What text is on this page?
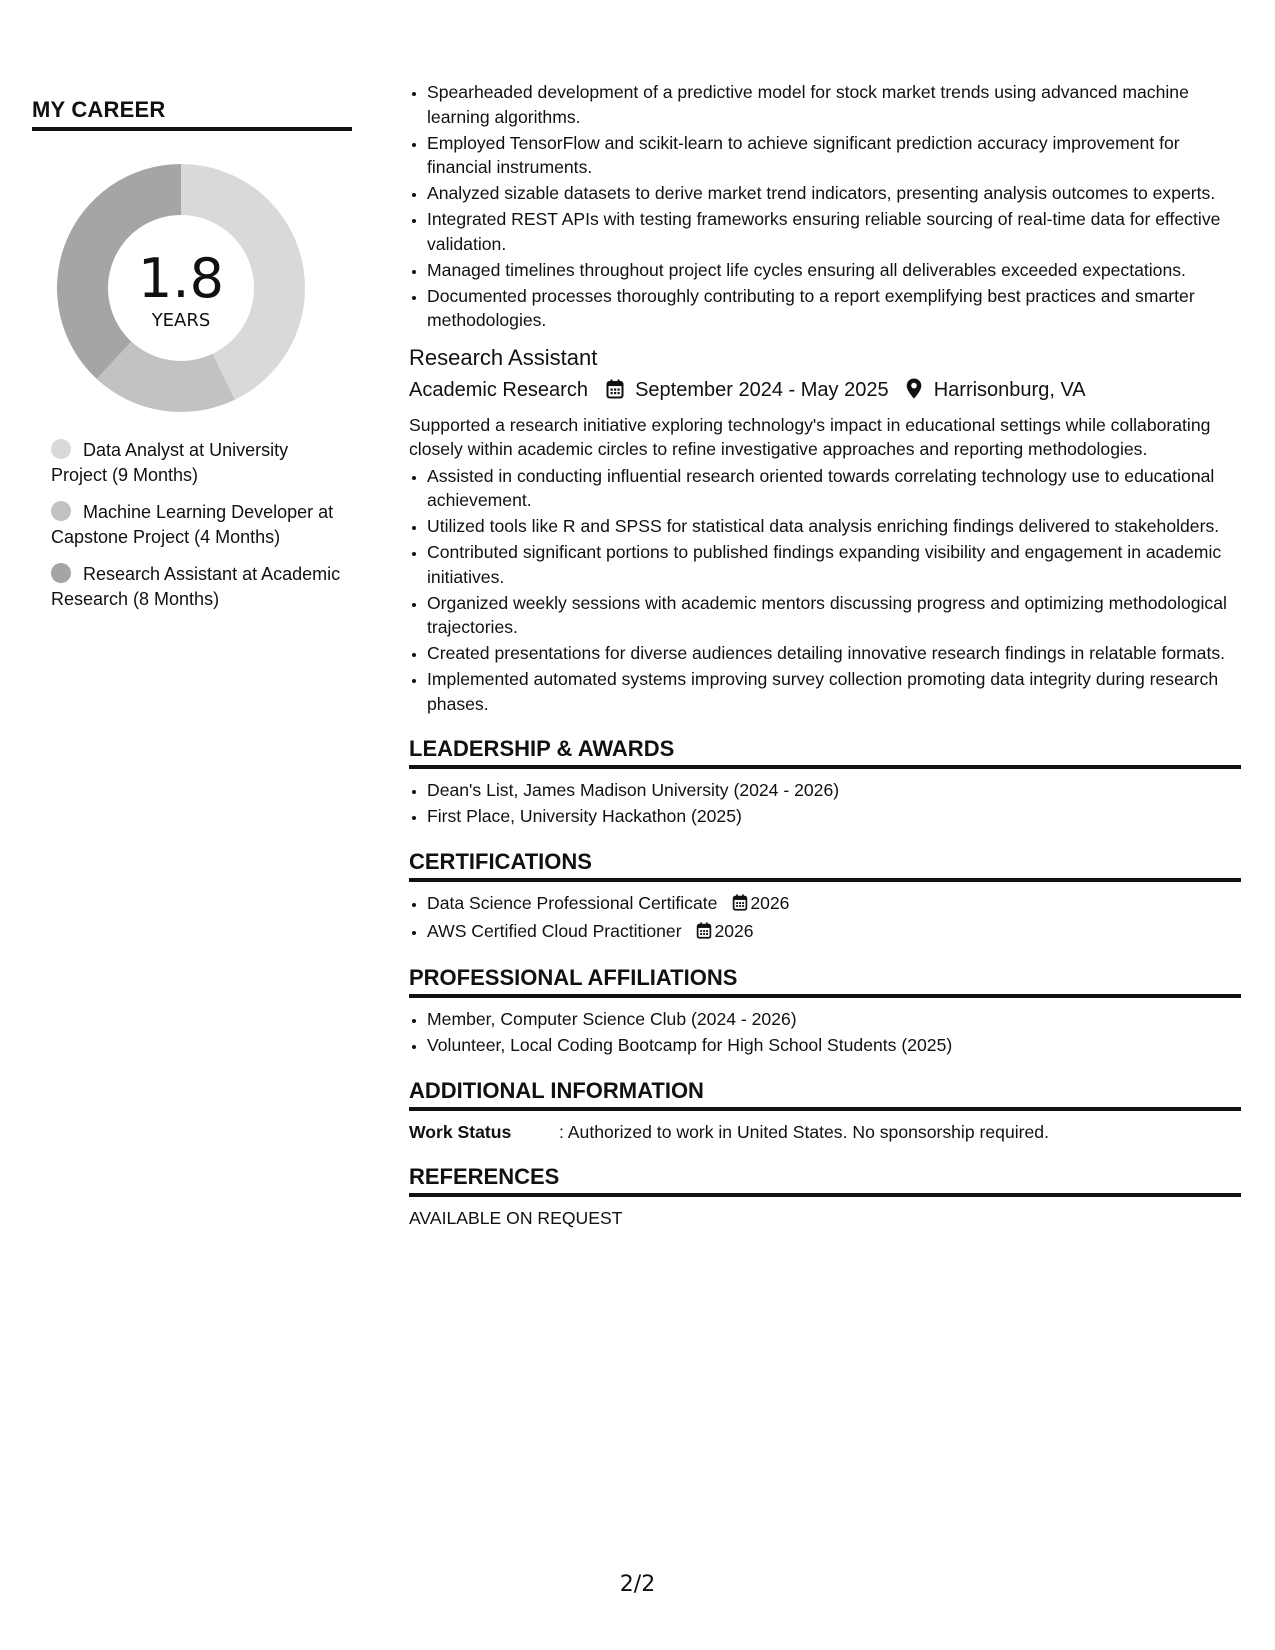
MY CAREER
1.8
YEARS
Data Analyst at University Project (9 Months)
Machine Learning Developer at Capstone Project (4 Months)
Research Assistant at Academic Research (8 Months)
• Spearheaded development of a predictive model for stock market trends using advanced machine learning algorithms.
• Employed TensorFlow and scikit-learn to achieve significant prediction accuracy improvement for financial instruments.
• Analyzed sizable datasets to derive market trend indicators, presenting analysis outcomes to experts.
• Integrated REST APIs with testing frameworks ensuring reliable sourcing of real-time data for effective validation.
• Managed timelines throughout project life cycles ensuring all deliverables exceeded expectations.
• Documented processes thoroughly contributing to a report exemplifying best practices and smarter methodologies.
Research Assistant
Academic Research September 2024 - May 2025 Harrisonburg, VA
Supported a research initiative exploring technology's impact in educational settings while collaborating closely within academic circles to refine investigative approaches and reporting methodologies.
• Assisted in conducting influential research oriented towards correlating technology use to educational achievement.
• Utilized tools like R and SPSS for statistical data analysis enriching findings delivered to stakeholders.
• Contributed significant portions to published findings expanding visibility and engagement in academic initiatives.
• Organized weekly sessions with academic mentors discussing progress and optimizing methodological trajectories.
• Created presentations for diverse audiences detailing innovative research findings in relatable formats.
• Implemented automated systems improving survey collection promoting data integrity during research phases.
LEADERSHIP & AWARDS
• Dean's List, James Madison University (2024 - 2026)
• First Place, University Hackathon (2025)
CERTIFICATIONS
• Data Science Professional Certificate 2026
• AWS Certified Cloud Practitioner 2026
PROFESSIONAL AFFILIATIONS
• Member, Computer Science Club (2024 - 2026)
• Volunteer, Local Coding Bootcamp for High School Students (2025)
ADDITIONAL INFORMATION
Work Status	: Authorized to work in United States. No sponsorship required.
REFERENCES
AVAILABLE ON REQUEST
2/2
